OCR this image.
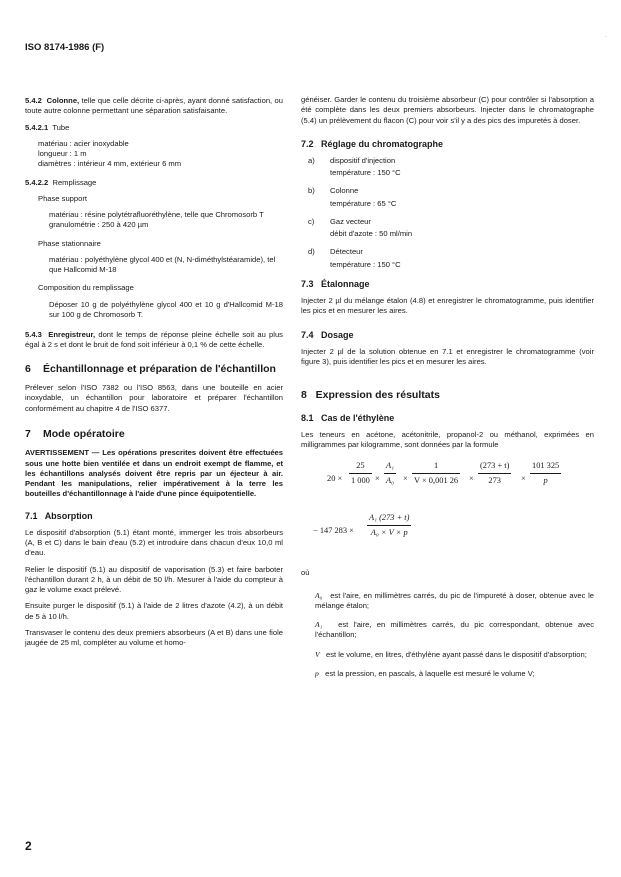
ISO 8174-1986 (F)
·

5.4.2 Colonne, telle que celle décrite ci-après, ayant donné satisfaction, ou toute autre colonne permettant une séparation satisfaisante.

5.4.2.1 Tube
matériau : acier inoxydable
longueur : 1 m
diamètres : intérieur 4 mm, extérieur 6 mm
5.4.2.2 Remplissage
Phase support
matériau : résine polytétrafluoréthylène, telle que Chromosorb T
granulométrie : 250 à 420 µm
Phase stationnaire
matériau : polyéthylène glycol 400 et (N, N-diméthylstéaramide), tel que Hallcomid M-18
Composition du remplissage

Déposer 10 g de polyéthylène glycol 400 et 10 g d'Hallcomid M-18 sur 100 g de Chromosorb T.

5.4.3 Enregistreur, dont le temps de réponse pleine échelle soit au plus égal à 2 s et dont le bruit de fond soit inférieur à 0,1 % de cette échelle.

6	Échantillonnage et préparation de l'échantillon

Prélever selon l'ISO 7382 ou l'ISO 8563, dans une bouteille en acier inoxydable, un échantillon pour laboratoire et préparer l'échantillon conformément au chapitre 4 de l'ISO 6377.

7	Mode opératoire

AVERTISSEMENT — Les opérations prescrites doivent être effectuées sous une hotte bien ventilée et dans un endroit exempt de flamme, et les échantillons analysés doivent être repris par un éjecteur à air. Pendant les manipulations, relier impérativement à la terre les bouteilles d'échantillonnage à l'aide d'une pince équipotentielle.

7.1 Absorption

Le dispositif d'absorption (5.1) étant monté, immerger les trois absorbeurs (A, B et C) dans le bain d'eau (5.2) et introduire dans chacun d'eux 10,0 ml d'eau.

Relier le dispositif (5.1) au dispositif de vaporisation (5.3) et faire barboter l'échantillon durant 2 h, à un débit de 50 l/h. Mesurer à l'aide du compteur à gaz le volume exact prélevé.

Ensuite purger le dispositif (5.1) à l'aide de 2 litres d'azote (4.2), à un débit de 5 à 10 l/h.

Transvaser le contenu des deux premiers absorbeurs (A et B) dans une fiole jaugée de 25 ml, compléter au volume et homo-

généiser. Garder le contenu du troisième absorbeur (C) pour contrôler si l'absorption a été complète dans les deux premiers absorbeurs. Injecter dans le chromatographe (5.4) un prélèvement du flacon (C) pour voir s'il y a des pics des impuretés à doser.

7.2 Réglage du chromatographe
a)	dispositif d'injection
température : 150 °C
b)	Colonne
température : 65 °C
c)	Gaz vecteur
débit d'azote : 50 ml/min
d)	Détecteur
température : 150 °C
7.3 Étalonnage

Injecter 2 µl du mélange étalon (4.8) et enregistrer le chromatogramme, puis identifier les pics et en mesurer les aires.

7.4 Dosage

Injecter 2 µl de la solution obtenue en 7.1 et enregistrer le chromatogramme (voir figure 3), puis identifier les pics et en mesurer les aires.

8 Expression des résultats
8.1 Cas de l'éthylène

Les teneurs en acétone, acétonitrile, propanol-2 ou méthanol, exprimées en milligrammes par kilogramme, sont données par la formule

$20 \times \frac{25}{1 000} \times \frac{\text{A₁}}{\text{A₀}} \times \frac{1}{V \times 0,001 26} \times \frac{(273 + t)}{273} \times \frac{101 325}{p}$
− 147 $283 \times \frac{\text{A₁ (273 + t)}}{\text{A₀ × V × p}}$

où

A₀ est l'aire, en millimètres carrés, du pic de l'impureté à doser, obtenue avec le mélange étalon;

A₁ est l'aire, en millimètres carrés, du pic correspondant, obtenue avec l'échantillon;

V est le volume, en litres, d'éthylène ayant passé dans le dispositif d'absorption;

p est la pression, en pascals, à laquelle est mesuré le volume V;

2
